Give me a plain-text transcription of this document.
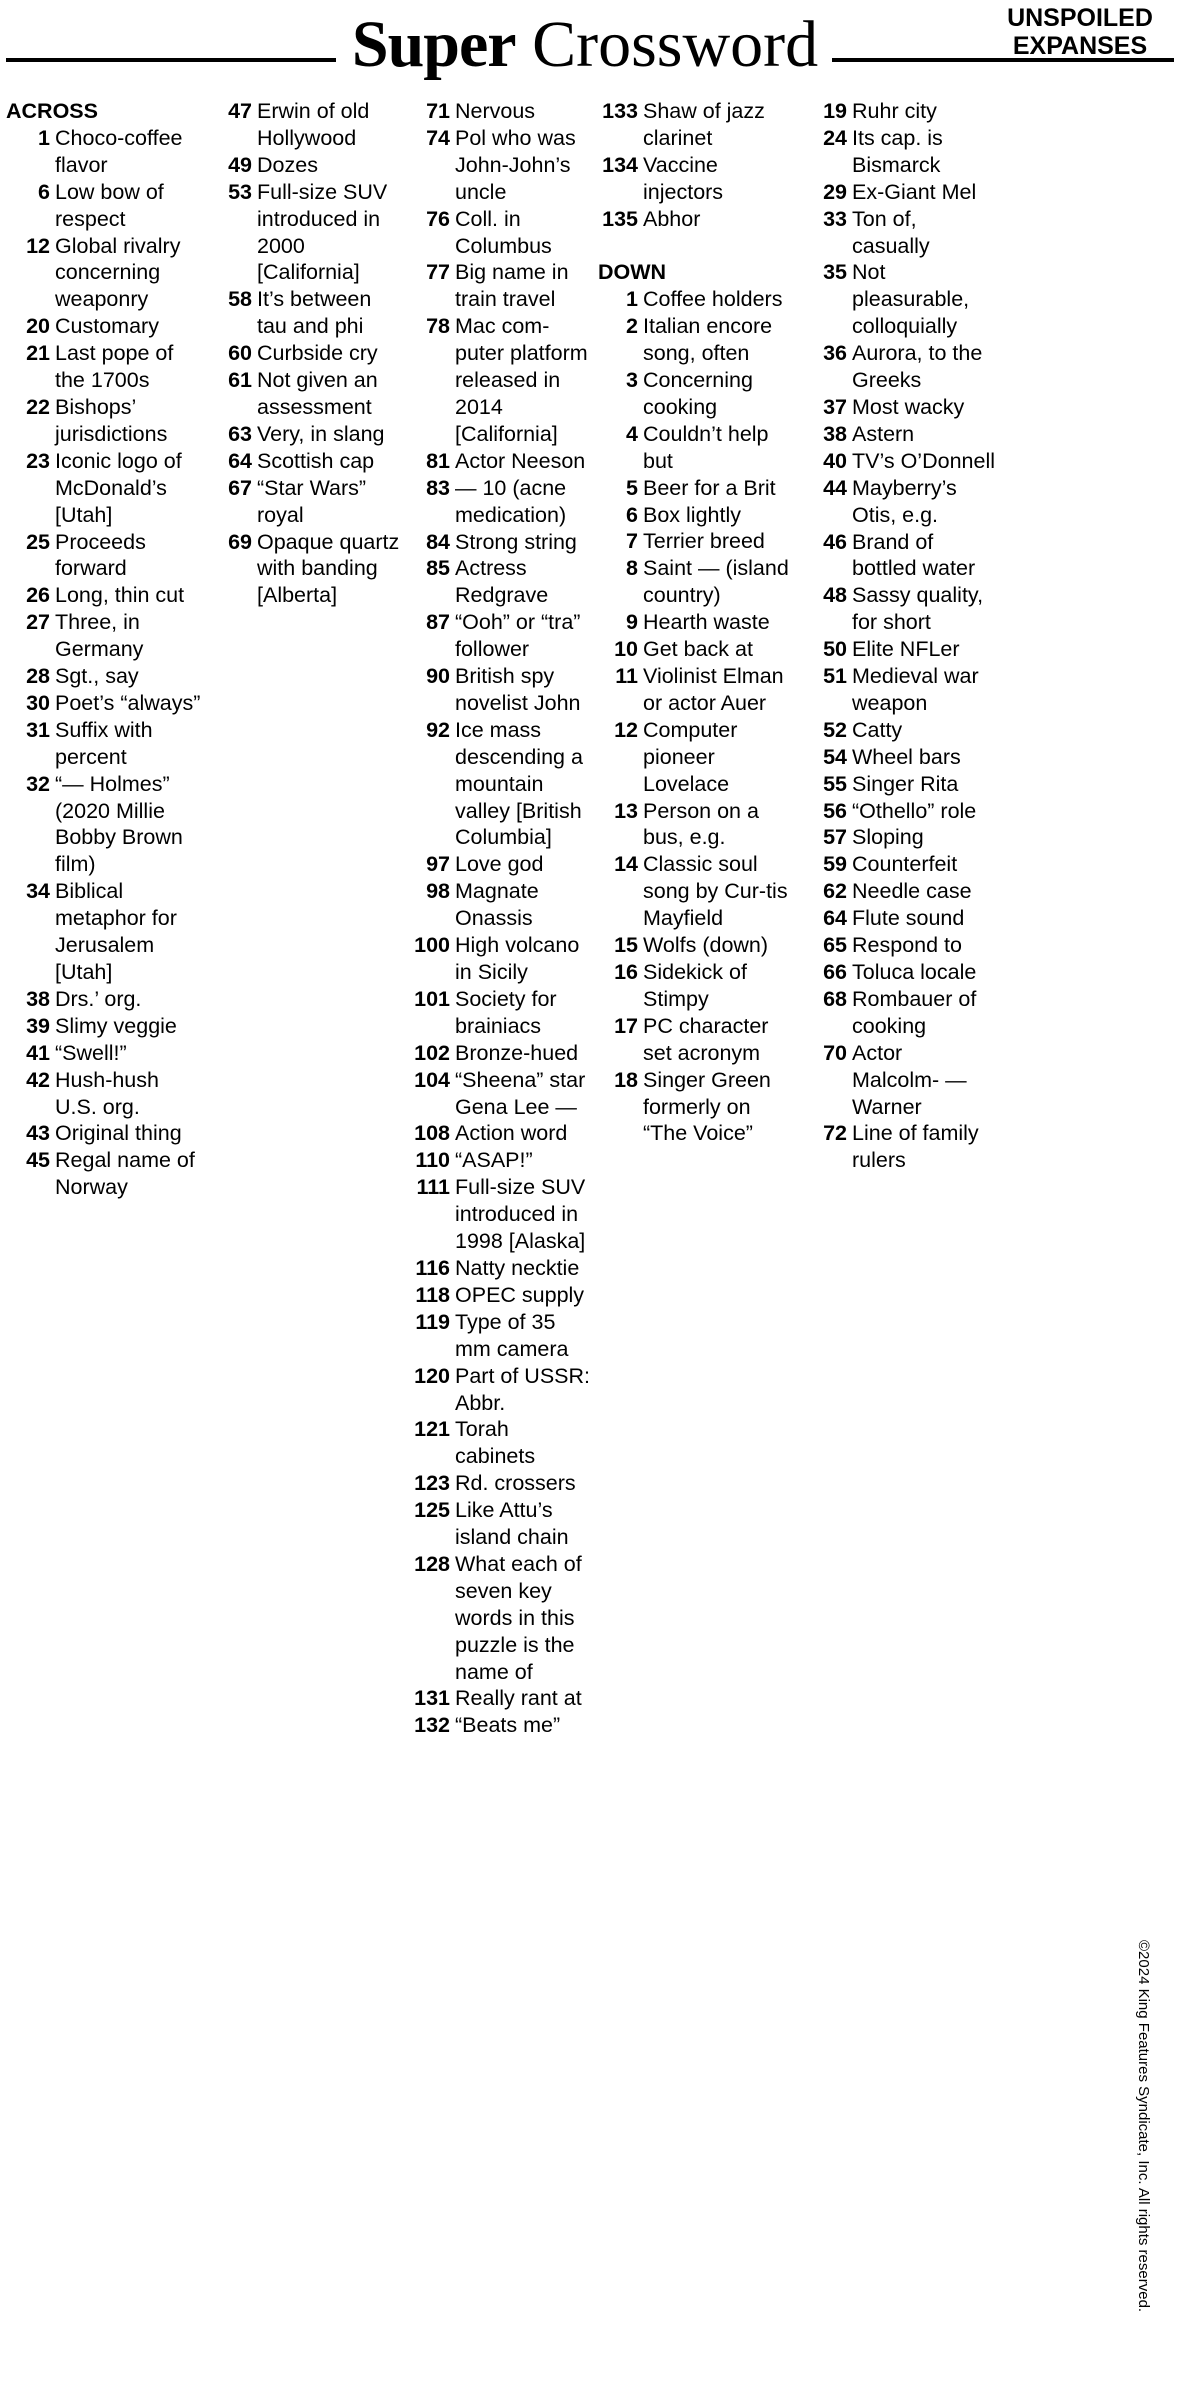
Super Crossword	UNSPOILED
EXPANSES
ACROSS
1 Choco-coffee flavor
6 Low bow of respect
12 Global rivalry concerning weaponry
20 Customary
21 Last pope of the 1700s
22 Bishops’ jurisdictions
23 Iconic logo of McDonald’s [Utah]
25 Proceeds forward
26 Long, thin cut
27 Three, in Germany
28 Sgt., say
30 Poet’s “always”
31 Suffix with percent
32 “— Holmes” (2020 Millie Bobby Brown film)
34 Biblical metaphor for Jerusalem [Utah]
38 Drs.’ org.
39 Slimy veggie
41 “Swell!”
42 Hush-hush U.S. org.
43 Original thing
45 Regal name of Norway
47 Erwin of old Hollywood
49 Dozes
53 Full-size SUV introduced in 2000 [California]
58 It’s between tau and phi
60 Curbside cry
61 Not given an assessment
63 Very, in slang
64 Scottish cap
67 “Star Wars” royal
69 Opaque quartz with banding [Alberta]
71 Nervous
74 Pol who was John-John’s uncle
76 Coll. in Columbus
77 Big name in train travel
78 Mac com-puter platform released in 2014 [California]
81 Actor Neeson
83 — 10 (acne medication)
84 Strong string
85 Actress Redgrave
87 “Ooh” or “tra” follower
90 British spy novelist John
92 Ice mass descending a mountain valley [British Columbia]
97 Love god
98 Magnate Onassis
100 High volcano in Sicily
101 Society for brainiacs
102 Bronze-hued
104 “Sheena” star Gena Lee —
108 Action word
110 “ASAP!”
111 Full-size SUV introduced in 1998 [Alaska]
116 Natty necktie
118 OPEC supply
119 Type of 35 mm camera
120 Part of USSR: Abbr.
121 Torah cabinets
123 Rd. crossers
125 Like Attu’s island chain
128 What each of seven key words in this puzzle is the name of
131 Really rant at
132 “Beats me”
133 Shaw of jazz clarinet
134 Vaccine injectors
135 Abhor
DOWN
1 Coffee holders
2 Italian encore song, often
3 Concerning cooking
4 Couldn’t help but
5 Beer for a Brit
6 Box lightly
7 Terrier breed
8 Saint — (island country)
9 Hearth waste
10 Get back at
11 Violinist Elman or actor Auer
12 Computer pioneer Lovelace
13 Person on a bus, e.g.
14 Classic soul song by Cur-tis Mayfield
15 Wolfs (down)
16 Sidekick of Stimpy
17 PC character set acronym
18 Singer Green formerly on “The Voice”
19 Ruhr city
24 Its cap. is Bismarck
29 Ex-Giant Mel
33 Ton of, casually
35 Not pleasurable, colloquially
36 Aurora, to the Greeks
37 Most wacky
38 Astern
40 TV’s O’Donnell
44 Mayberry’s Otis, e.g.
46 Brand of bottled water
48 Sassy quality, for short
50 Elite NFLer
51 Medieval war weapon
52 Catty
54 Wheel bars
55 Singer Rita
56 “Othello” role
57 Sloping
59 Counterfeit
62 Needle case
64 Flute sound
65 Respond to
66 Toluca locale
68 Rombauer of cooking
70 Actor Malcolm- — Warner
72 Line of family rulers
©2024 King Features Syndicate, Inc. All rights reserved.
